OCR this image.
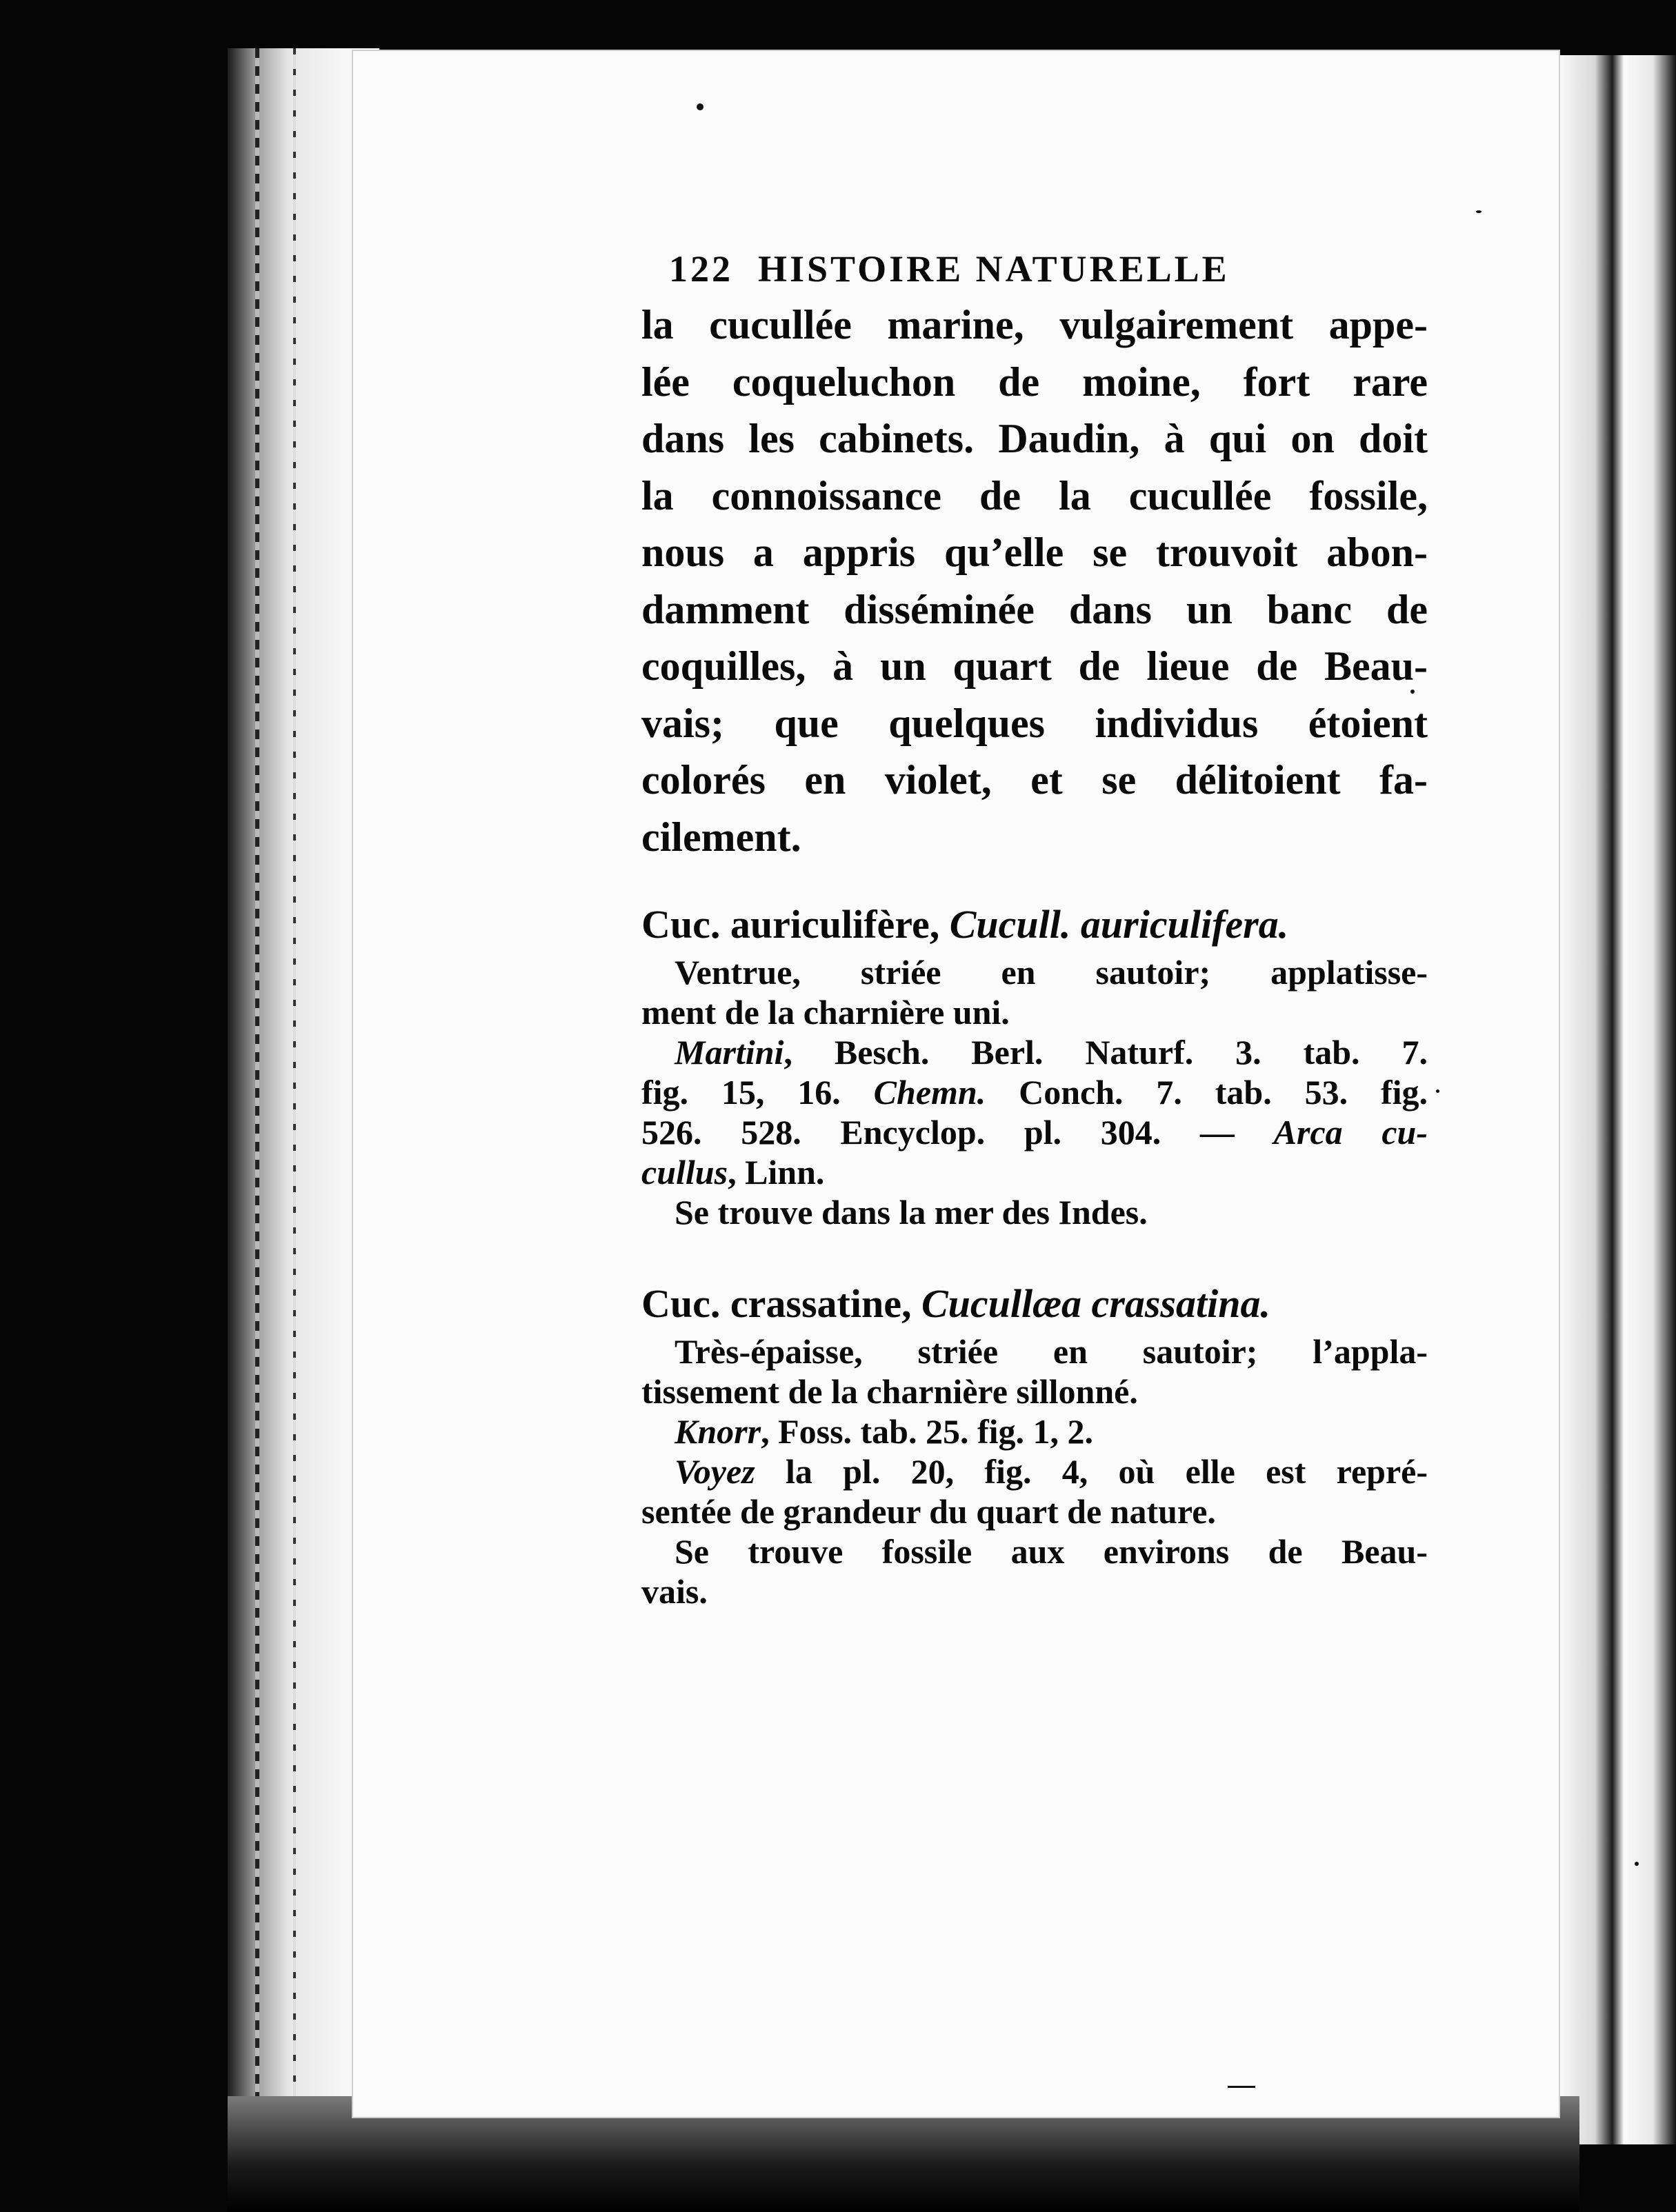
122 HISTOIRE NATURELLE
la cucullée marine, vulgairement appe-
lée coqueluchon de moine, fort rare
dans les cabinets. Daudin, à qui on doit
la connoissance de la cucullée fossile,
nous a appris qu’elle se trouvoit abon-
damment disséminée dans un banc de
coquilles, à un quart de lieue de Beau-
vais; que quelques individus étoient
colorés en violet, et se délitoient fa-
cilement.
Cuc. auriculifère, Cucull. auriculifera.
Ventrue, striée en sautoir; applatisse-
ment de la charnière uni.
Martini, Besch. Berl. Naturf. 3. tab. 7.
fig. 15, 16. Chemn. Conch. 7. tab. 53. fig.
526. 528. Encyclop. pl. 304. — Arca cu-
cullus, Linn.
Se trouve dans la mer des Indes.
Cuc. crassatine, Cucullæa crassatina.
Très-épaisse, striée en sautoir; l’appla-
tissement de la charnière sillonné.
Knorr, Foss. tab. 25. fig. 1, 2.
Voyez la pl. 20, fig. 4, où elle est repré-
sentée de grandeur du quart de nature.
Se trouve fossile aux environs de Beau-
vais.
